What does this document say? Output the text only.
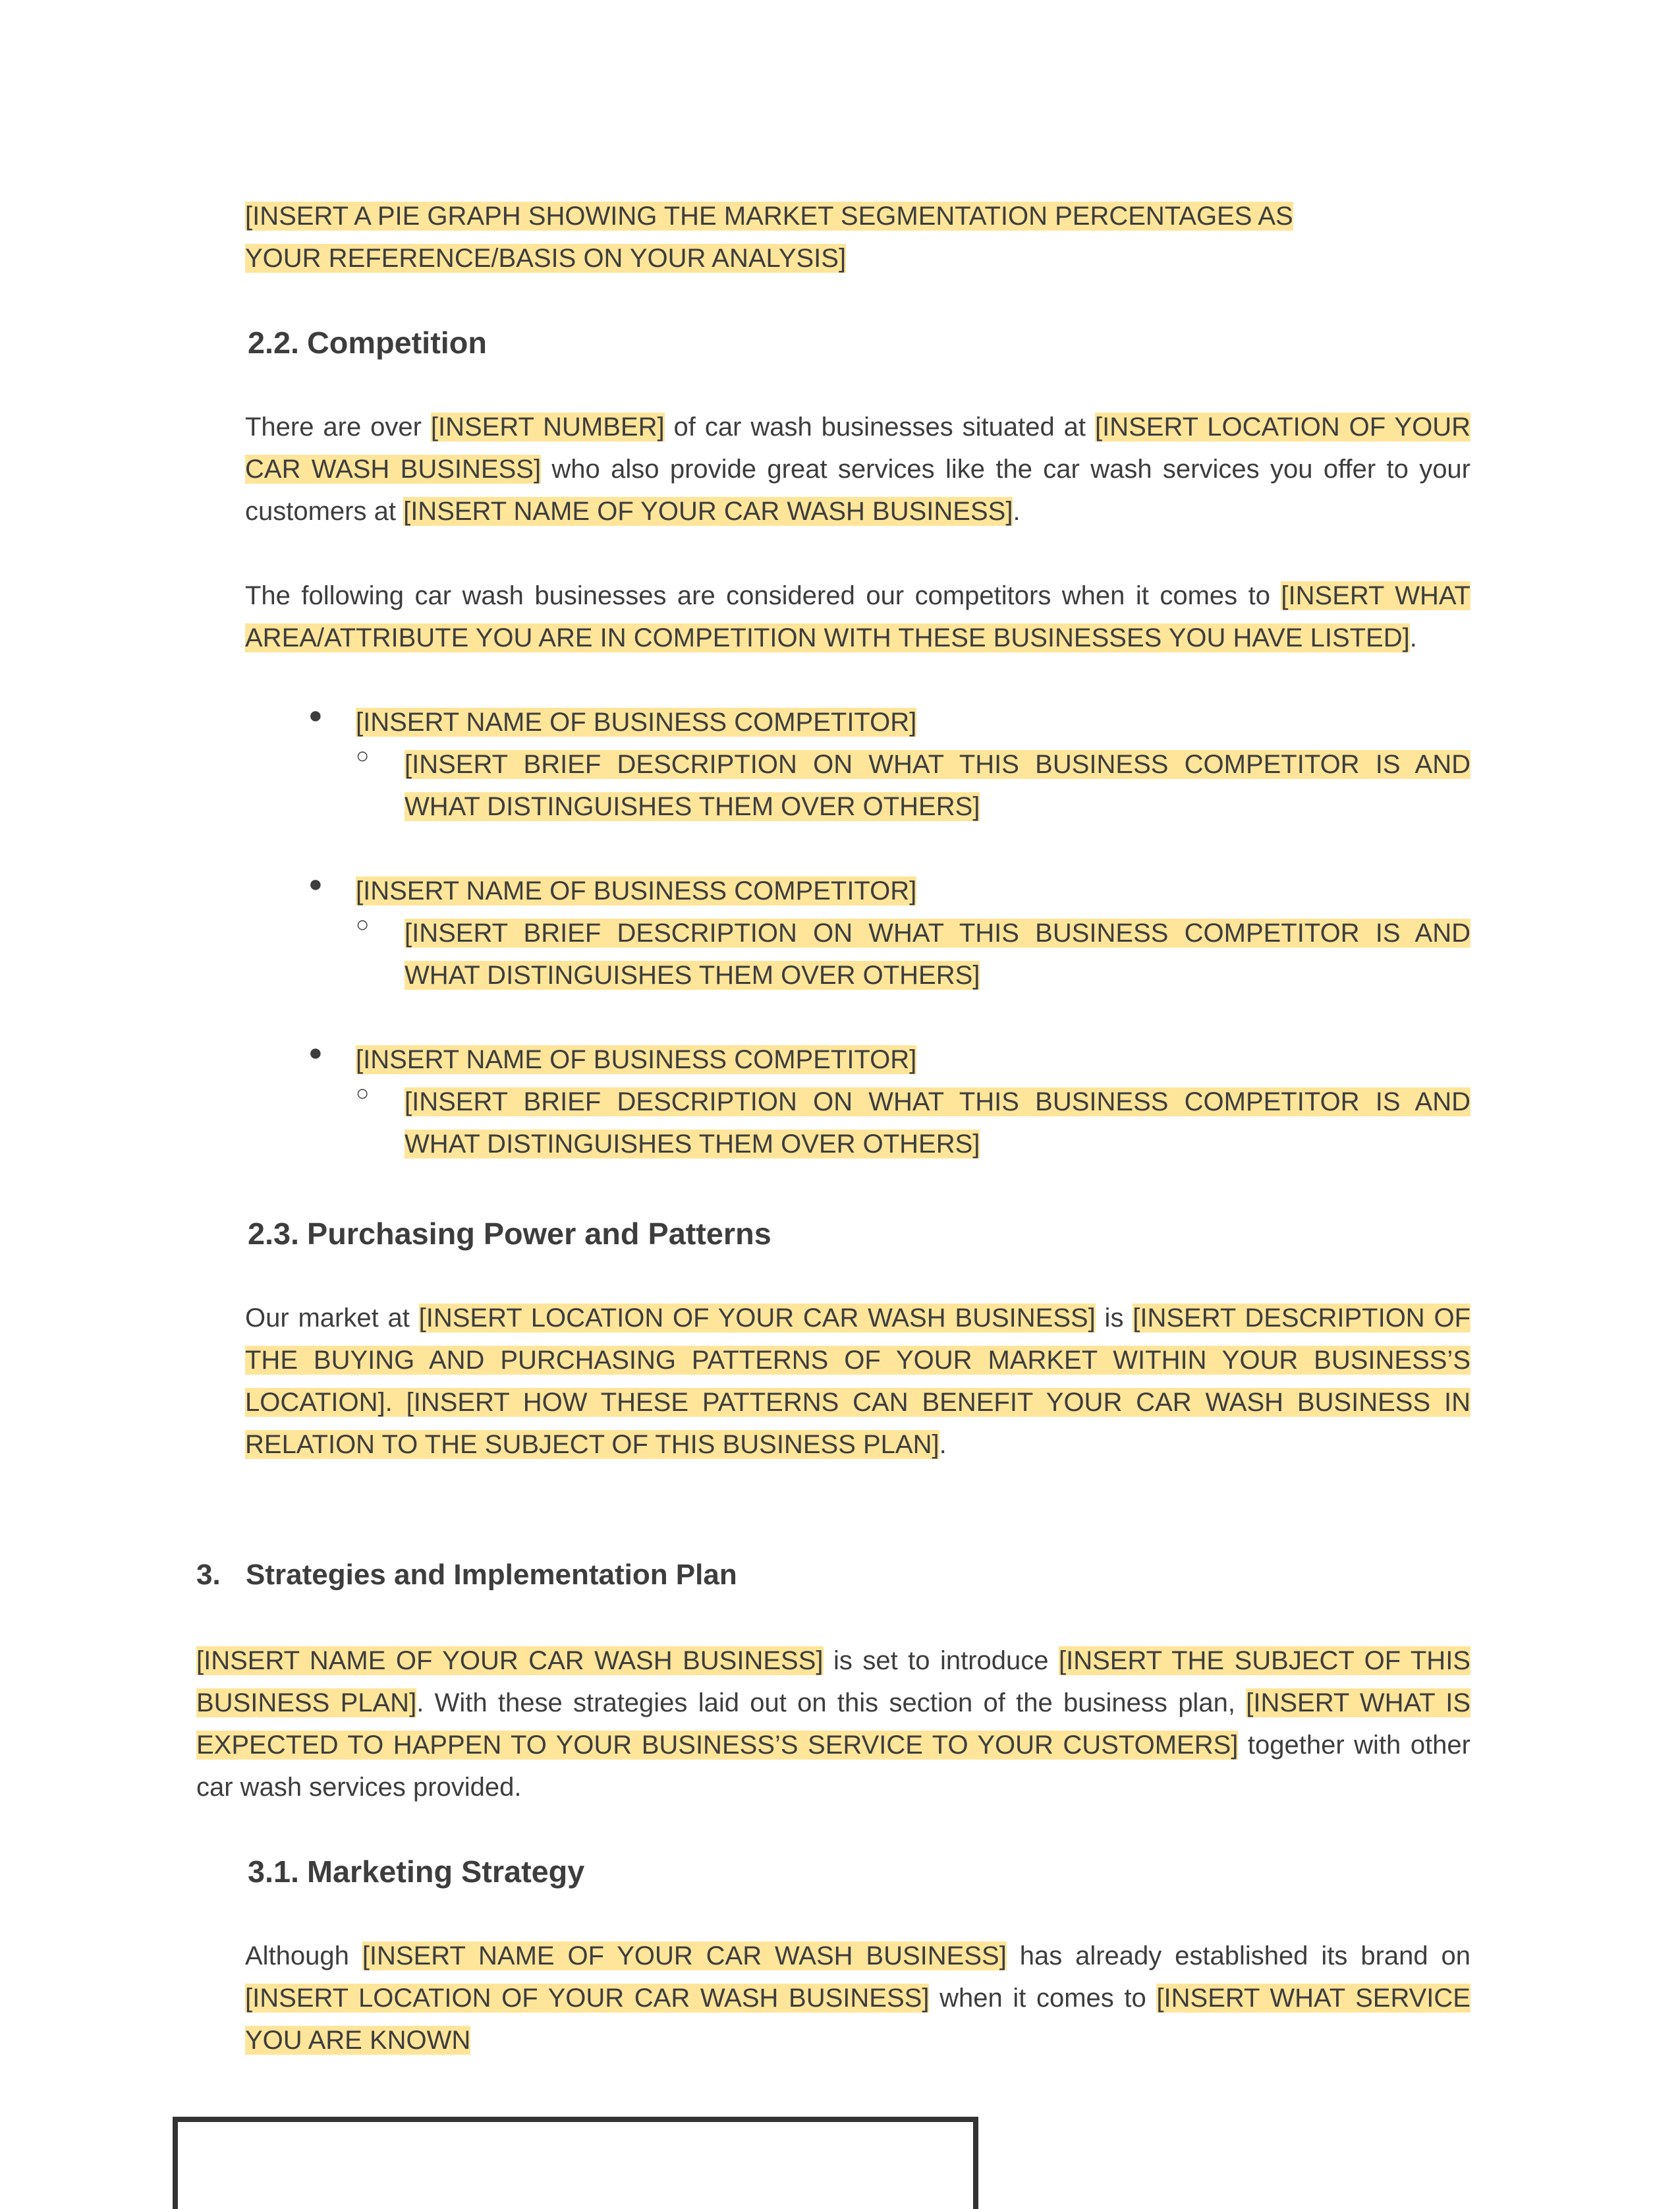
[INSERT A PIE GRAPH SHOWING THE MARKET SEGMENTATION PERCENTAGES AS YOUR REFERENCE/BASIS ON YOUR ANALYSIS]

2.2. Competition

There are over [INSERT NUMBER] of car wash businesses situated at [INSERT LOCATION OF YOUR CAR WASH BUSINESS] who also provide great services like the car wash services you offer to your customers at [INSERT NAME OF YOUR CAR WASH BUSINESS].

The following car wash businesses are considered our competitors when it comes to [INSERT WHAT AREA/ATTRIBUTE YOU ARE IN COMPETITION WITH THESE BUSINESSES YOU HAVE LISTED].

● [INSERT NAME OF BUSINESS COMPETITOR]
○ [INSERT BRIEF DESCRIPTION ON WHAT THIS BUSINESS COMPETITOR IS AND WHAT DISTINGUISHES THEM OVER OTHERS]

● [INSERT NAME OF BUSINESS COMPETITOR]
○ [INSERT BRIEF DESCRIPTION ON WHAT THIS BUSINESS COMPETITOR IS AND WHAT DISTINGUISHES THEM OVER OTHERS]

● [INSERT NAME OF BUSINESS COMPETITOR]
○ [INSERT BRIEF DESCRIPTION ON WHAT THIS BUSINESS COMPETITOR IS AND WHAT DISTINGUISHES THEM OVER OTHERS]

2.3. Purchasing Power and Patterns

Our market at [INSERT LOCATION OF YOUR CAR WASH BUSINESS] is [INSERT DESCRIPTION OF THE BUYING AND PURCHASING PATTERNS OF YOUR MARKET WITHIN YOUR BUSINESS’S LOCATION]. [INSERT HOW THESE PATTERNS CAN BENEFIT YOUR CAR WASH BUSINESS IN RELATION TO THE SUBJECT OF THIS BUSINESS PLAN].

3. Strategies and Implementation Plan

[INSERT NAME OF YOUR CAR WASH BUSINESS] is set to introduce [INSERT THE SUBJECT OF THIS BUSINESS PLAN]. With these strategies laid out on this section of the business plan, [INSERT WHAT IS EXPECTED TO HAPPEN TO YOUR BUSINESS’S SERVICE TO YOUR CUSTOMERS] together with other car wash services provided.

3.1. Marketing Strategy

Although [INSERT NAME OF YOUR CAR WASH BUSINESS] has already established its brand on [INSERT LOCATION OF YOUR CAR WASH BUSINESS] when it comes to [INSERT WHAT SERVICE YOU ARE KNOWN
